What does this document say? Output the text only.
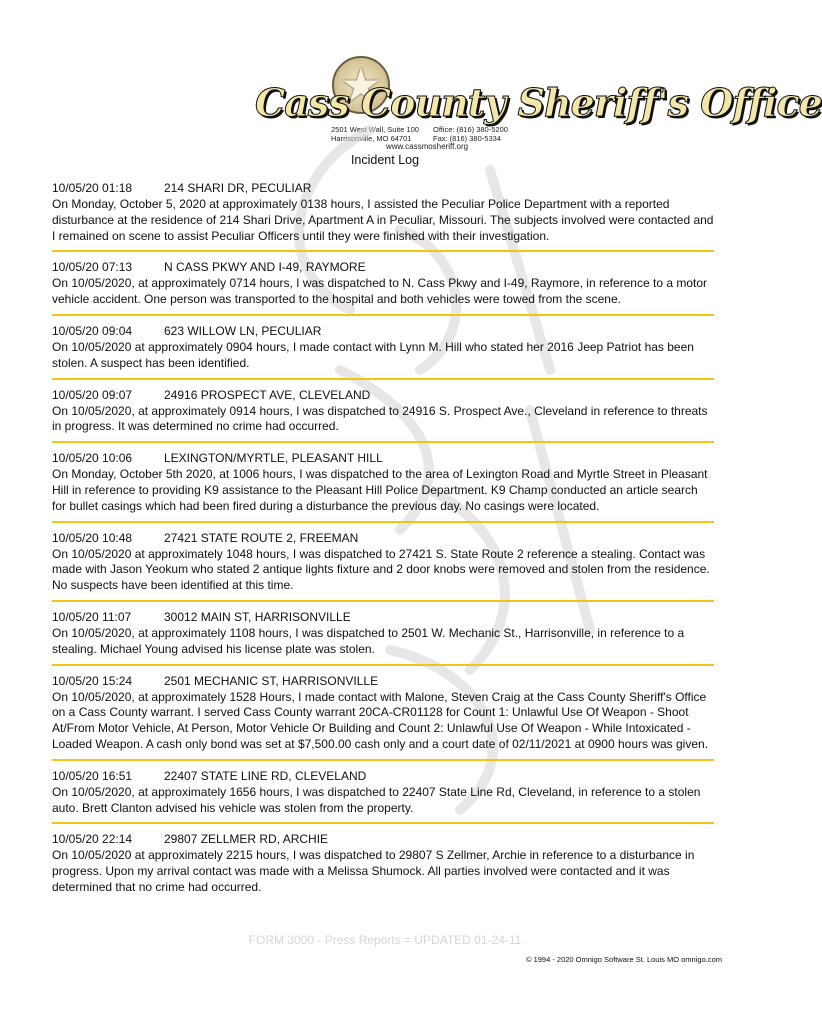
★
Cass County Sheriff's Office
2501 West Wall, Suite 100
Harrisonville, MO 64701
Office: (816) 380-5200
Fax: (816) 380-5334
www.cassmosheriff.org
Incident Log
10/05/20 01:18	214 SHARI DR, PECULIAR
On Monday, October 5, 2020 at approximately 0138 hours, I assisted the Peculiar Police Department with a reported disturbance at the residence of 214 Shari Drive, Apartment A in Peculiar, Missouri. The subjects involved were contacted and I remained on scene to assist Peculiar Officers until they were finished with their investigation.
10/05/20 07:13	N CASS PKWY AND I-49, RAYMORE
On 10/05/2020, at approximately 0714 hours, I was dispatched to N. Cass Pkwy and I-49, Raymore, in reference to a motor vehicle accident. One person was transported to the hospital and both vehicles were towed from the scene.
10/05/20 09:04	623 WILLOW LN, PECULIAR
On 10/05/2020 at approximately 0904 hours, I made contact with Lynn M. Hill who stated her 2016 Jeep Patriot has been stolen. A suspect has been identified.
10/05/20 09:07	24916 PROSPECT AVE, CLEVELAND
On 10/05/2020, at approximately 0914 hours, I was dispatched to 24916 S. Prospect Ave., Cleveland in reference to threats in progress. It was determined no crime had occurred.
10/05/20 10:06	LEXINGTON/MYRTLE, PLEASANT HILL
On Monday, October 5th 2020, at 1006 hours, I was dispatched to the area of Lexington Road and Myrtle Street in Pleasant Hill in reference to providing K9 assistance to the Pleasant Hill Police Department. K9 Champ conducted an article search for bullet casings which had been fired during a disturbance the previous day. No casings were located.
10/05/20 10:48	27421 STATE ROUTE 2, FREEMAN
On 10/05/2020 at approximately 1048 hours, I was dispatched to 27421 S. State Route 2 reference a stealing. Contact was made with Jason Yeokum who stated 2 antique lights fixture and 2 door knobs were removed and stolen from the residence. No suspects have been identified at this time.
10/05/20 11:07	30012 MAIN ST, HARRISONVILLE
On 10/05/2020, at approximately 1108 hours, I was dispatched to 2501 W. Mechanic St., Harrisonville, in reference to a stealing. Michael Young advised his license plate was stolen.
10/05/20 15:24	2501 MECHANIC ST, HARRISONVILLE
On 10/05/2020, at approximately 1528 Hours, I made contact with Malone, Steven Craig at the Cass County Sheriff's Office on a Cass County warrant. I served Cass County warrant 20CA-CR01128 for Count 1: Unlawful Use Of Weapon - Shoot At/From Motor Vehicle, At Person, Motor Vehicle Or Building and Count 2: Unlawful Use Of Weapon - While Intoxicated - Loaded Weapon. A cash only bond was set at $7,500.00 cash only and a court date of 02/11/2021 at 0900 hours was given.
10/05/20 16:51	22407 STATE LINE RD, CLEVELAND
On 10/05/2020, at approximately 1656 hours, I was dispatched to 22407 State Line Rd, Cleveland, in reference to a stolen auto. Brett Clanton advised his vehicle was stolen from the property.
10/05/20 22:14	29807 ZELLMER RD, ARCHIE
On 10/05/2020 at approximately 2215 hours, I was dispatched to 29807 S Zellmer, Archie in reference to a disturbance in progress. Upon my arrival contact was made with a Melissa Shumock. All parties involved were contacted and it was determined that no crime had occurred.
FORM 3000 - Press Reports = UPDATED 01-24-11
© 1994 - 2020 Omnigo Software St. Louis MO omnigo.com
